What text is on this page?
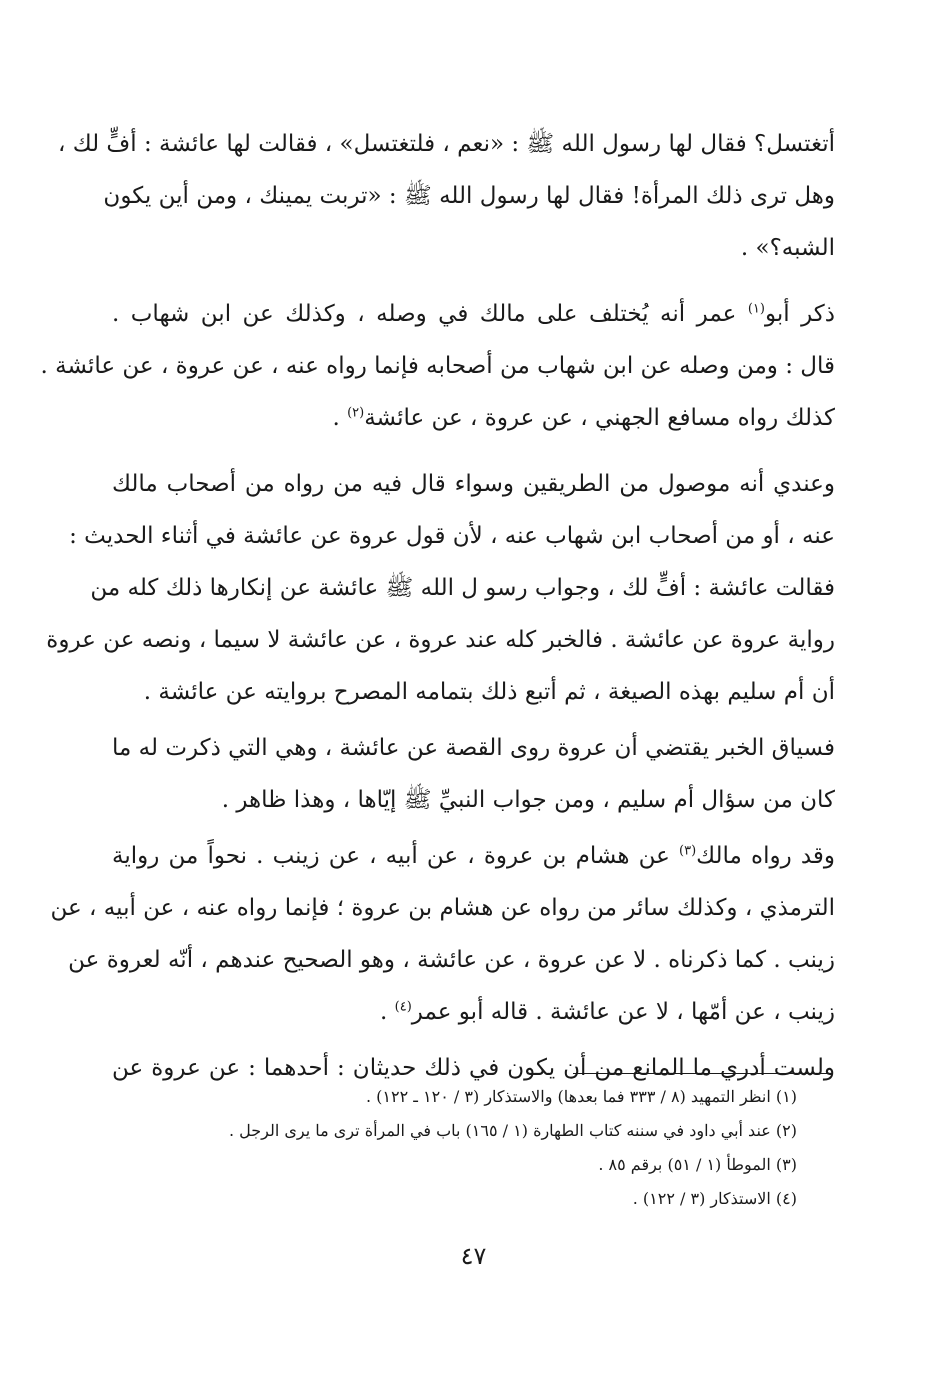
أتغتسل؟ فقال لها رسول الله ﷺ : «نعم ، فلتغتسل» ، فقالت لها عائشة : أفٍّ لك ،
وهل ترى ذلك المرأة! فقال لها رسول الله ﷺ : «تربت يمينك ، ومن أين يكون
الشبه؟» .
ذكر أبو$^{(١)}$ عمر أنه يُختلف على مالك في وصله ، وكذلك عن ابن شهاب .
قال : ومن وصله عن ابن شهاب من أصحابه فإنما رواه عنه ، عن عروة ، عن عائشة .
كذلك رواه مسافع الجهني ، عن عروة ، عن عائشة$^{(٢)}$ .
وعندي أنه موصول من الطريقين وسواء قال فيه من رواه من أصحاب مالك
عنه ، أو من أصحاب ابن شهاب عنه ، لأن قول عروة عن عائشة في أثناء الحديث :
فقالت عائشة : أفٍّ لك ، وجواب رسو ل الله ﷺ عائشة عن إنكارها ذلك كله من
رواية عروة عن عائشة . فالخبر كله عند عروة ، عن عائشة لا سيما ، ونصه عن عروة
أن أم سليم بهذه الصيغة ، ثم أتبع ذلك بتمامه المصرح بروايته عن عائشة .
فسياق الخبر يقتضي أن عروة روى القصة عن عائشة ، وهي التي ذكرت له ما
كان من سؤال أم سليم ، ومن جواب النبيِّ ﷺ إيّاها ، وهذا ظاهر .
وقد رواه مالك$^{(٣)}$ عن هشام بن عروة ، عن أبيه ، عن زينب . نحواً من رواية
الترمذي ، وكذلك سائر من رواه عن هشام بن عروة ؛ فإنما رواه عنه ، عن أبيه ، عن
زينب . كما ذكرناه . لا عن عروة ، عن عائشة ، وهو الصحيح عندهم ، أنّه لعروة عن
زينب ، عن أمّها ، لا عن عائشة . قاله أبو عمر$^{(٤)}$ .
ولست أدري ما المانع من أن يكون في ذلك حديثان : أحدهما : عن عروة عن
(١) انظر التمهيد (٨ / ٣٣٣ فما بعدها) والاستذكار (٣ / ١٢٠ ـ ١٢٢) .
(٢) عند أبي داود في سننه كتاب الطهارة (١ / ١٦٥) باب في المرأة ترى ما يرى الرجل .
(٣) الموطأ (١ / ٥١) برقم ٨٥ .
(٤) الاستذكار (٣ / ١٢٢) .
٤٧
